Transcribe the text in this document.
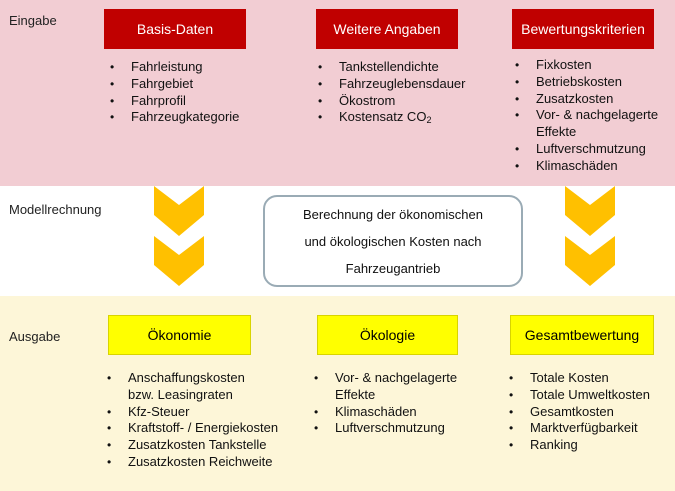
Eingabe
Modellrechnung
Ausgabe
Basis-Daten	Weitere Angaben	Bewertungskriterien
• Fahrleistung
• Fahrgebiet
• Fahrprofil
• Fahrzeugkategorie
• Tankstellendichte
• Fahrzeuglebensdauer
• Ökostrom
• Kostensatz $CO_2$
• Fixkosten
• Betriebskosten
• Zusatzkosten
• Vor- & nachgelagerte
Effekte
• Luftverschmutzung
• Klimaschäden
Berechnung der ökonomischen
und ökologischen Kosten nach
Fahrzeugantrieb
Ökonomie	Ökologie	Gesamtbewertung
• Anschaffungskosten
bzw. Leasingraten
• Kfz-Steuer
• Kraftstoff- / Energiekosten
• Zusatzkosten Tankstelle
• Zusatzkosten Reichweite
• Vor- & nachgelagerte
Effekte
• Klimaschäden
• Luftverschmutzung
• Totale Kosten
• Totale Umweltkosten
• Gesamtkosten
• Marktverfügbarkeit
• Ranking
